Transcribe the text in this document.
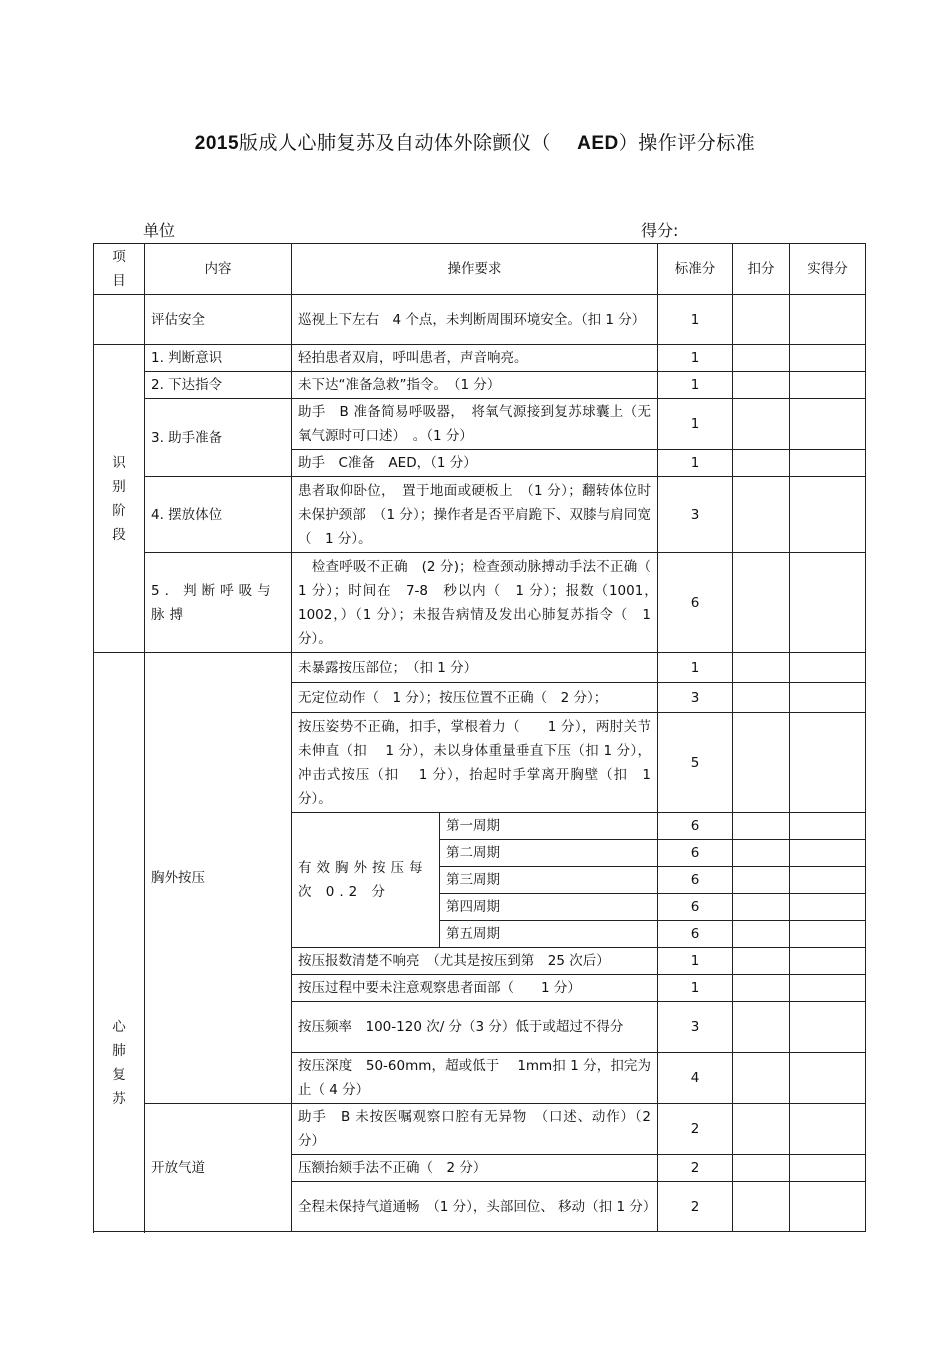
2015版成人心肺复苏及自动体外除颤仪（　 AED）操作评分标准
单位	得分:
项
目	内容	操作要求		标准分	扣分	实得分
	评估安全	巡视上下左右　4 个点，未判断周围环境安全。（扣 1 分）		1		

识
别
阶
段	1. 判断意识	轻拍患者双肩，呼叫患者，声音响亮。		1		
	2. 下达指令	未下达“准备急救”指令。　（1 分）		1		
	3. 助手准备	助手　B 准备简易呼吸器，　将氧气源接到复苏球囊上（无氧气源时可口述）　。（1 分）		1		
		助手　C准备　AED，（1 分）		1		
	4. 摆放体位	患者取仰卧位，　置于地面或硬板上　（1 分）；翻转体位时未保护颈部　（1 分）；操作者是否平肩跪下、双膝与肩同宽（　1 分）。		3		
	5. 判断呼吸与脉搏	　检查呼吸不正确　(2 分)；检查颈动脉搏动手法不正确（　1 分）；时间在　7-8　秒以内（　1 分）；报数（1001，　1002，）（1 分）；未报告病情及发出心肺复苏指令（　1 分）。		6		

心
肺
复
苏	胸外按压	未暴露按压部位；　（扣 1 分）		1		
		无定位动作（　1 分）；按压位置不正确（　2 分）；		3		
		按压姿势不正确，扣手，掌根着力（　　1 分），两肘关节未伸直（扣　 1 分），未以身体重量垂直下压（扣 1 分），冲击式按压（扣　 1 分），抬起时手掌离开胸壁（扣　1 分）。		5		
		有效胸外按压每次 0.2 分	第一周期	6		
			第二周期	6		
			第三周期	6		
			第四周期	6		
			第五周期	6		
		按压报数清楚不响亮　（尤其是按压到第　25 次后）		1		
		按压过程中要未注意观察患者面部（　　1 分）		1		
		按压频率　100-120 次/ 分（3 分）低于或超过不得分		3		
		按压深度　50-60mm，超或低于　 1mm扣 1 分，扣完为止（ 4 分）		4		

	开放气道	助手　B 未按医嘱观察口腔有无异物　（口述、动作）（2 分）		2		
		压额抬颏手法不正确（　2 分）		2		
		全程未保持气道通畅　（1 分），头部回位、 移动（扣 1 分）		2		
